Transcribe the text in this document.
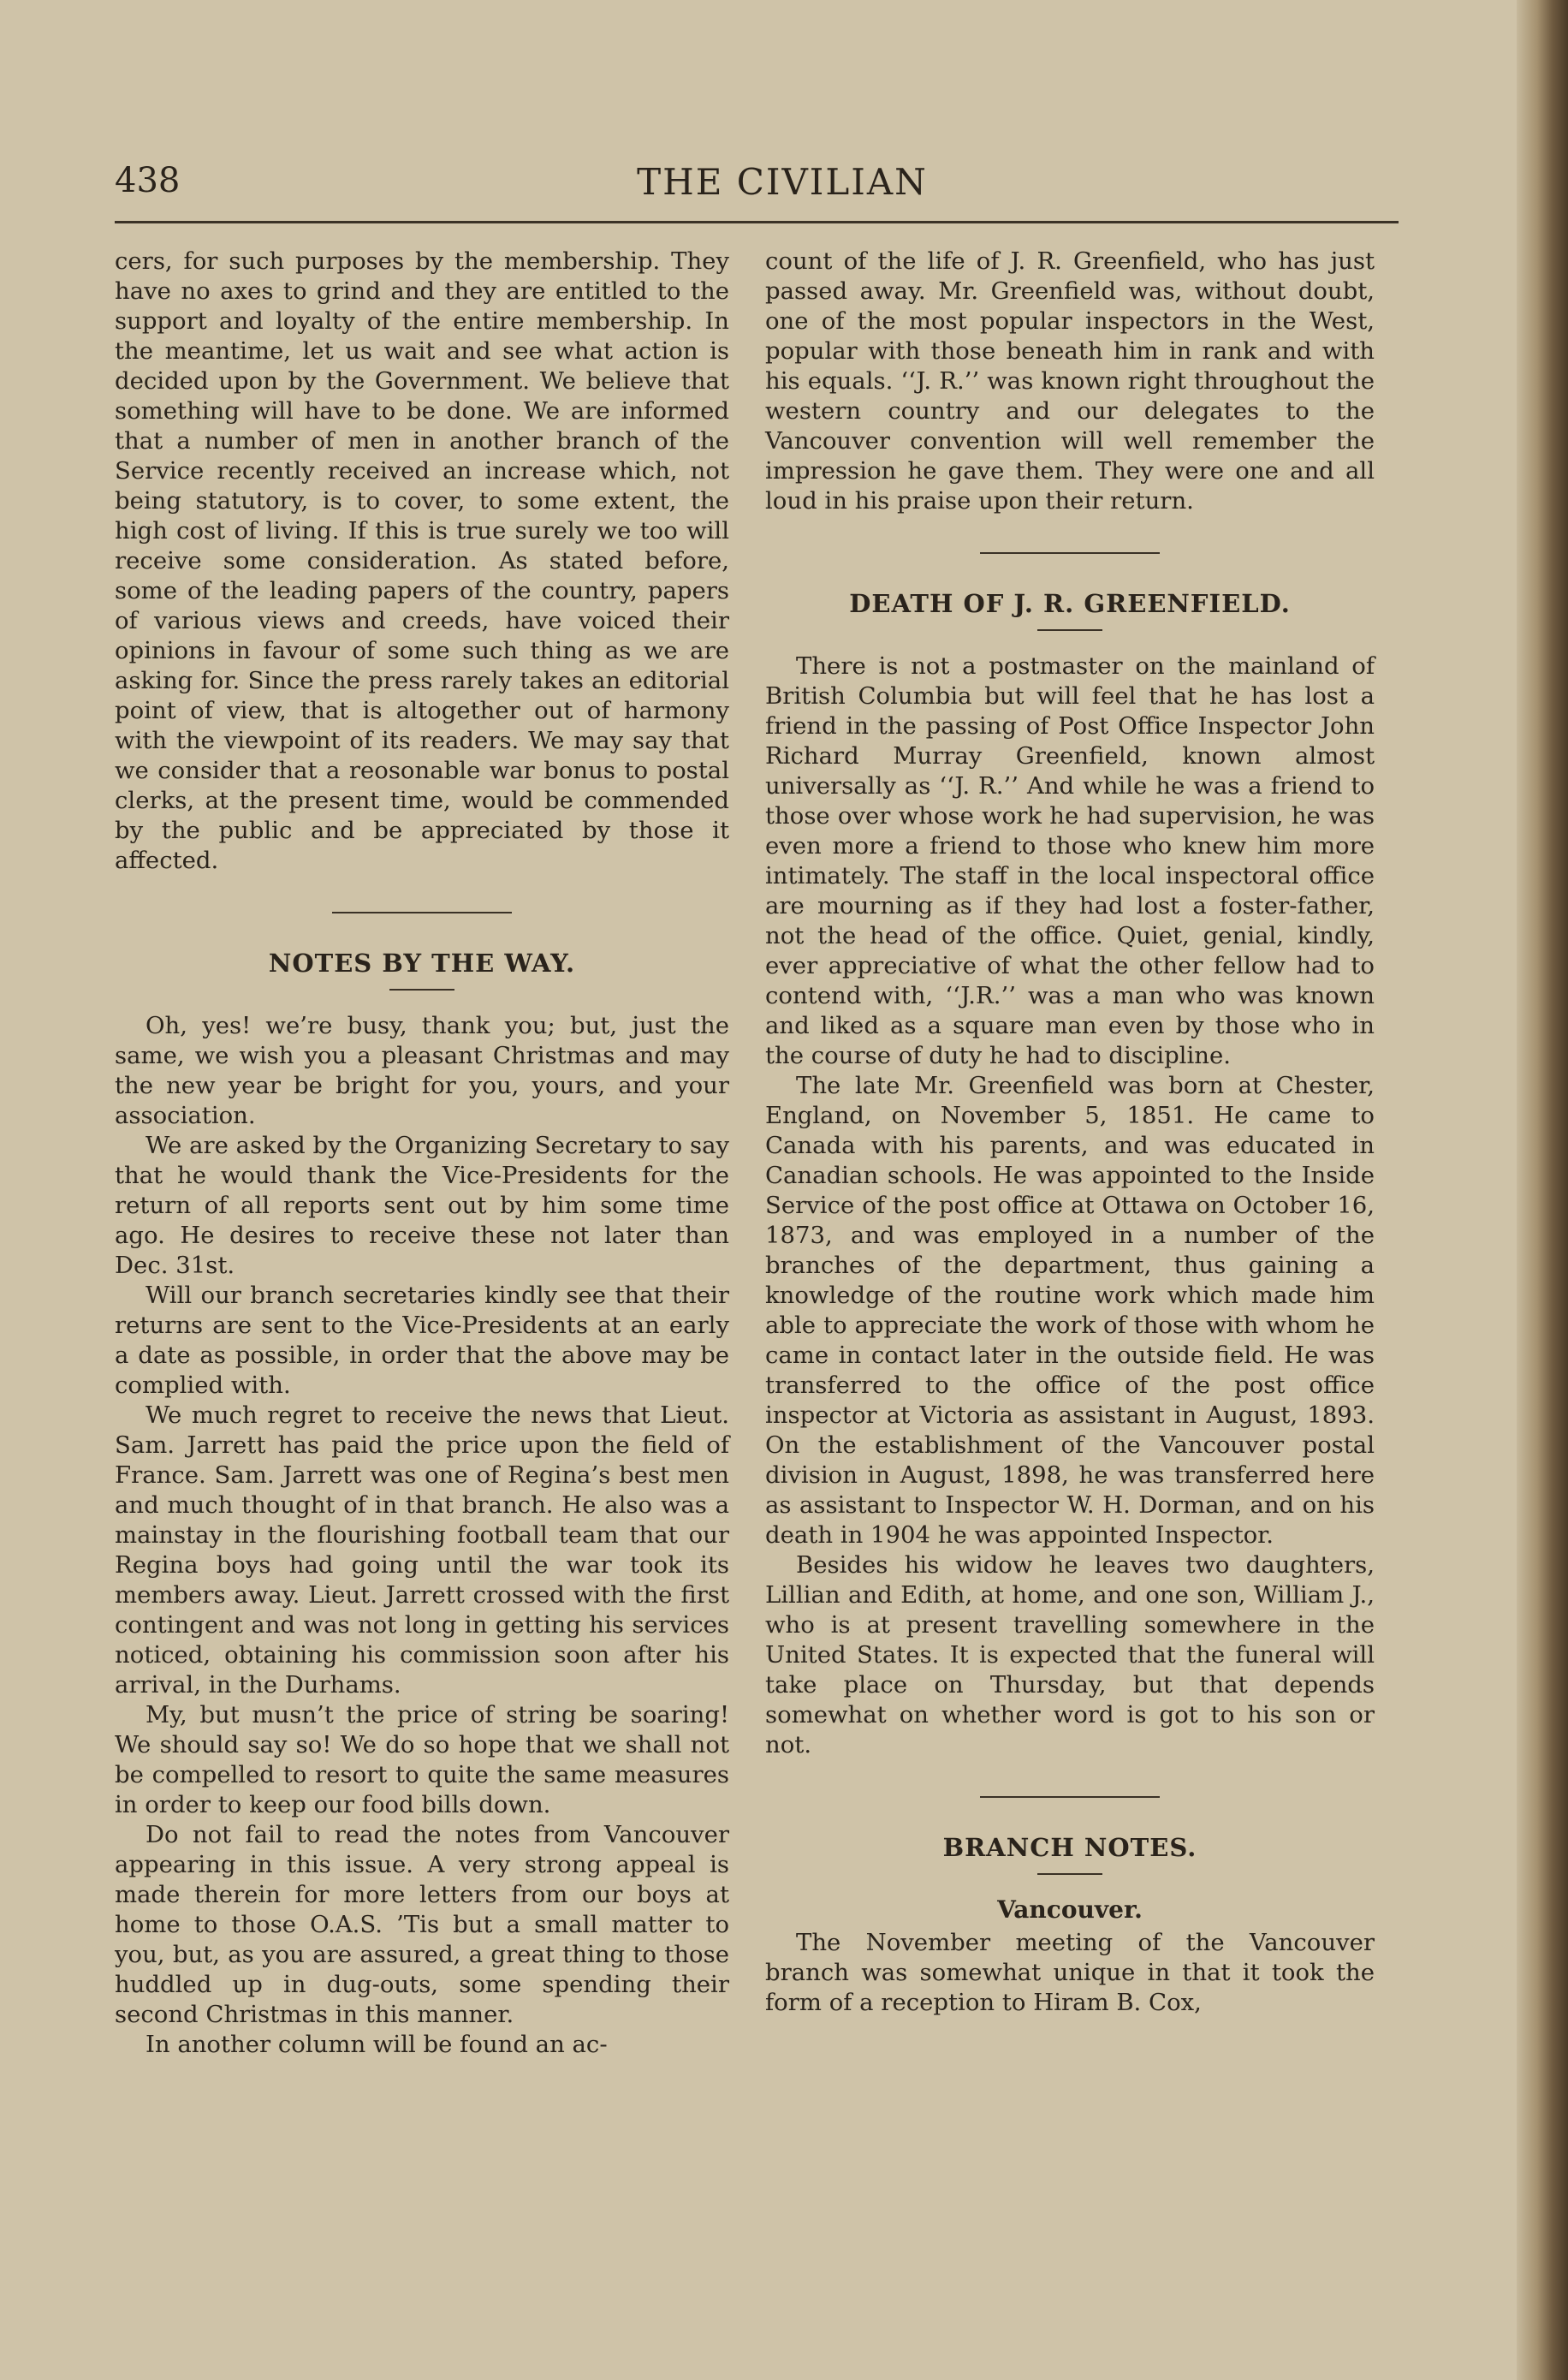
438	THE CIVILIAN

cers, for such purposes by the membership. They have no axes to grind and they are entitled to the support and loyalty of the entire membership. In the meantime, let us wait and see what action is decided upon by the Government. We believe that something will have to be done. We are informed that a number of men in another branch of the Service recently received an increase which, not being statutory, is to cover, to some extent, the high cost of living. If this is true surely we too will receive some consideration. As stated before, some of the leading papers of the country, papers of various views and creeds, have voiced their opinions in favour of some such thing as we are asking for. Since the press rarely takes an editorial point of view, that is altogether out of harmony with the viewpoint of its readers. We may say that we consider that a reosonable war bonus to postal clerks, at the present time, would be commended by the public and be appreciated by those it affected.

NOTES BY THE WAY.

Oh, yes! we’re busy, thank you; but, just the same, we wish you a pleasant Christmas and may the new year be bright for you, yours, and your association.

We are asked by the Organizing Secretary to say that he would thank the Vice-Presidents for the return of all reports sent out by him some time ago. He desires to receive these not later than Dec. 31st.

Will our branch secretaries kindly see that their returns are sent to the Vice-Presidents at an early a date as possible, in order that the above may be complied with.

We much regret to receive the news that Lieut. Sam. Jarrett has paid the price upon the field of France. Sam. Jarrett was one of Regina’s best men and much thought of in that branch. He also was a mainstay in the flourishing football team that our Regina boys had going until the war took its members away. Lieut. Jarrett crossed with the first contingent and was not long in getting his services noticed, obtaining his commission soon after his arrival, in the Durhams.

My, but musn’t the price of string be soaring! We should say so! We do so hope that we shall not be compelled to resort to quite the same measures in order to keep our food bills down.

Do not fail to read the notes from Vancouver appearing in this issue. A very strong appeal is made therein for more letters from our boys at home to those O.A.S. ’Tis but a small matter to you, but, as you are assured, a great thing to those huddled up in dug-outs, some spending their second Christmas in this manner.

In another column will be found an ac-

count of the life of J. R. Greenfield, who has just passed away. Mr. Greenfield was, without doubt, one of the most popular inspectors in the West, popular with those beneath him in rank and with his equals. ‘‘J. R.’’ was known right throughout the western country and our delegates to the Vancouver convention will well remember the impression he gave them. They were one and all loud in his praise upon their return.

DEATH OF J. R. GREENFIELD.

There is not a postmaster on the mainland of British Columbia but will feel that he has lost a friend in the passing of Post Office Inspector John Richard Murray Greenfield, known almost universally as ‘‘J. R.’’ And while he was a friend to those over whose work he had supervision, he was even more a friend to those who knew him more intimately. The staff in the local inspectoral office are mourning as if they had lost a foster-father, not the head of the office. Quiet, genial, kindly, ever appreciative of what the other fellow had to contend with, ‘‘J.R.’’ was a man who was known and liked as a square man even by those who in the course of duty he had to discipline.

The late Mr. Greenfield was born at Chester, England, on November 5, 1851. He came to Canada with his parents, and was educated in Canadian schools. He was appointed to the Inside Service of the post office at Ottawa on October 16, 1873, and was employed in a number of the branches of the department, thus gaining a knowledge of the routine work which made him able to appreciate the work of those with whom he came in contact later in the outside field. He was transferred to the office of the post office inspector at Victoria as assistant in August, 1893. On the establishment of the Vancouver postal division in August, 1898, he was transferred here as assistant to Inspector W. H. Dorman, and on his death in 1904 he was appointed Inspector.

Besides his widow he leaves two daughters, Lillian and Edith, at home, and one son, William J., who is at present travelling somewhere in the United States. It is expected that the funeral will take place on Thursday, but that depends somewhat on whether word is got to his son or not.

BRANCH NOTES.
Vancouver.

The November meeting of the Vancouver branch was somewhat unique in that it took the form of a reception to Hiram B. Cox,
